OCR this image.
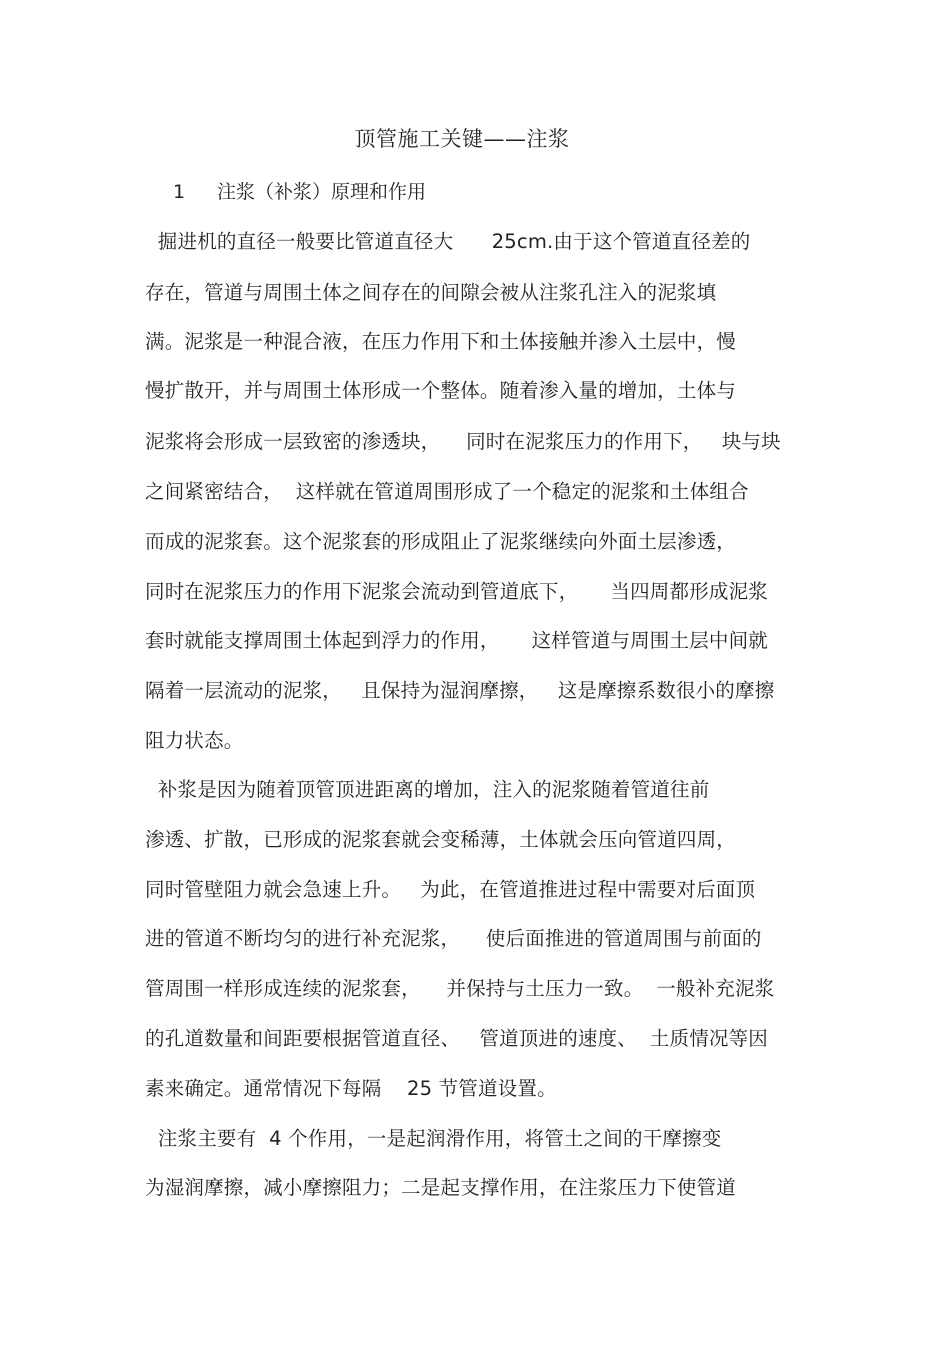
顶管施工关键——注浆
1 注浆（补浆）原理和作用
掘进机的直径一般要比管道直径大      25cm.由于这个管道直径差的
存在，管道与周围土体之间存在的间隙会被从注浆孔注入的泥浆填
满。泥浆是一种混合液，在压力作用下和土体接触并渗入土层中，慢
慢扩散开，并与周围土体形成一个整体。随着渗入量的增加，土体与
泥浆将会形成一层致密的渗透块，    同时在泥浆压力的作用下，   块与块
之间紧密结合，  这样就在管道周围形成了一个稳定的泥浆和土体组合
而成的泥浆套。这个泥浆套的形成阻止了泥浆继续向外面土层渗透，
同时在泥浆压力的作用下泥浆会流动到管道底下，     当四周都形成泥浆
套时就能支撑周围土体起到浮力的作用，     这样管道与周围土层中间就
隔着一层流动的泥浆，   且保持为湿润摩擦，   这是摩擦系数很小的摩擦
阻力状态。
补浆是因为随着顶管顶进距离的增加，注入的泥浆随着管道往前
渗透、扩散，已形成的泥浆套就会变稀薄，土体就会压向管道四周，
同时管壁阻力就会急速上升。   为此，在管道推进过程中需要对后面顶
进的管道不断均匀的进行补充泥浆，    使后面推进的管道周围与前面的
管周围一样形成连续的泥浆套，    并保持与土压力一致。  一般补充泥浆
的孔道数量和间距要根据管道直径、   管道顶进的速度、  土质情况等因
素来确定。通常情况下每隔    25 节管道设置。
注浆主要有  4 个作用，一是起润滑作用，将管土之间的干摩擦变
为湿润摩擦，减小摩擦阻力；二是起支撑作用，在注浆压力下使管道
